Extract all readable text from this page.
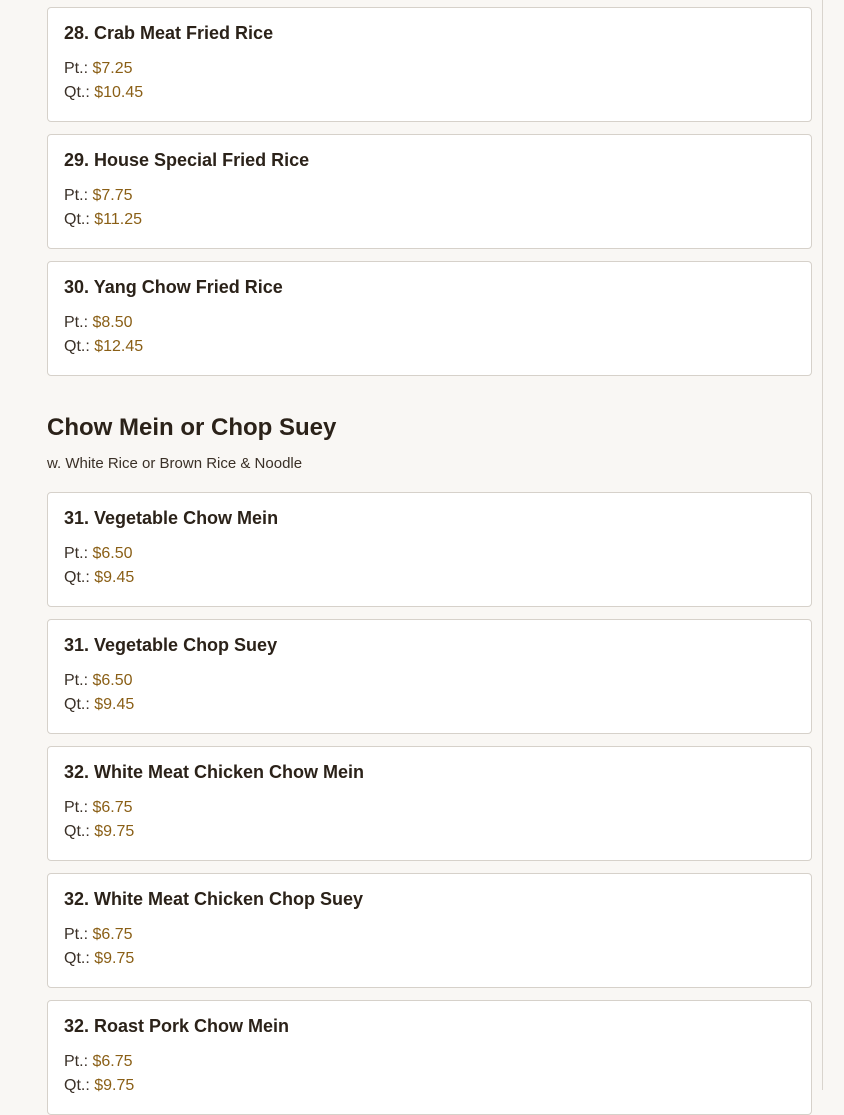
28. Crab Meat Fried Rice
Pt.: $7.25
Qt.: $10.45
29. House Special Fried Rice
Pt.: $7.75
Qt.: $11.25
30. Yang Chow Fried Rice
Pt.: $8.50
Qt.: $12.45
Chow Mein or Chop Suey
w. White Rice or Brown Rice & Noodle
31. Vegetable Chow Mein
Pt.: $6.50
Qt.: $9.45
31. Vegetable Chop Suey
Pt.: $6.50
Qt.: $9.45
32. White Meat Chicken Chow Mein
Pt.: $6.75
Qt.: $9.75
32. White Meat Chicken Chop Suey
Pt.: $6.75
Qt.: $9.75
32. Roast Pork Chow Mein
Pt.: $6.75
Qt.: $9.75
